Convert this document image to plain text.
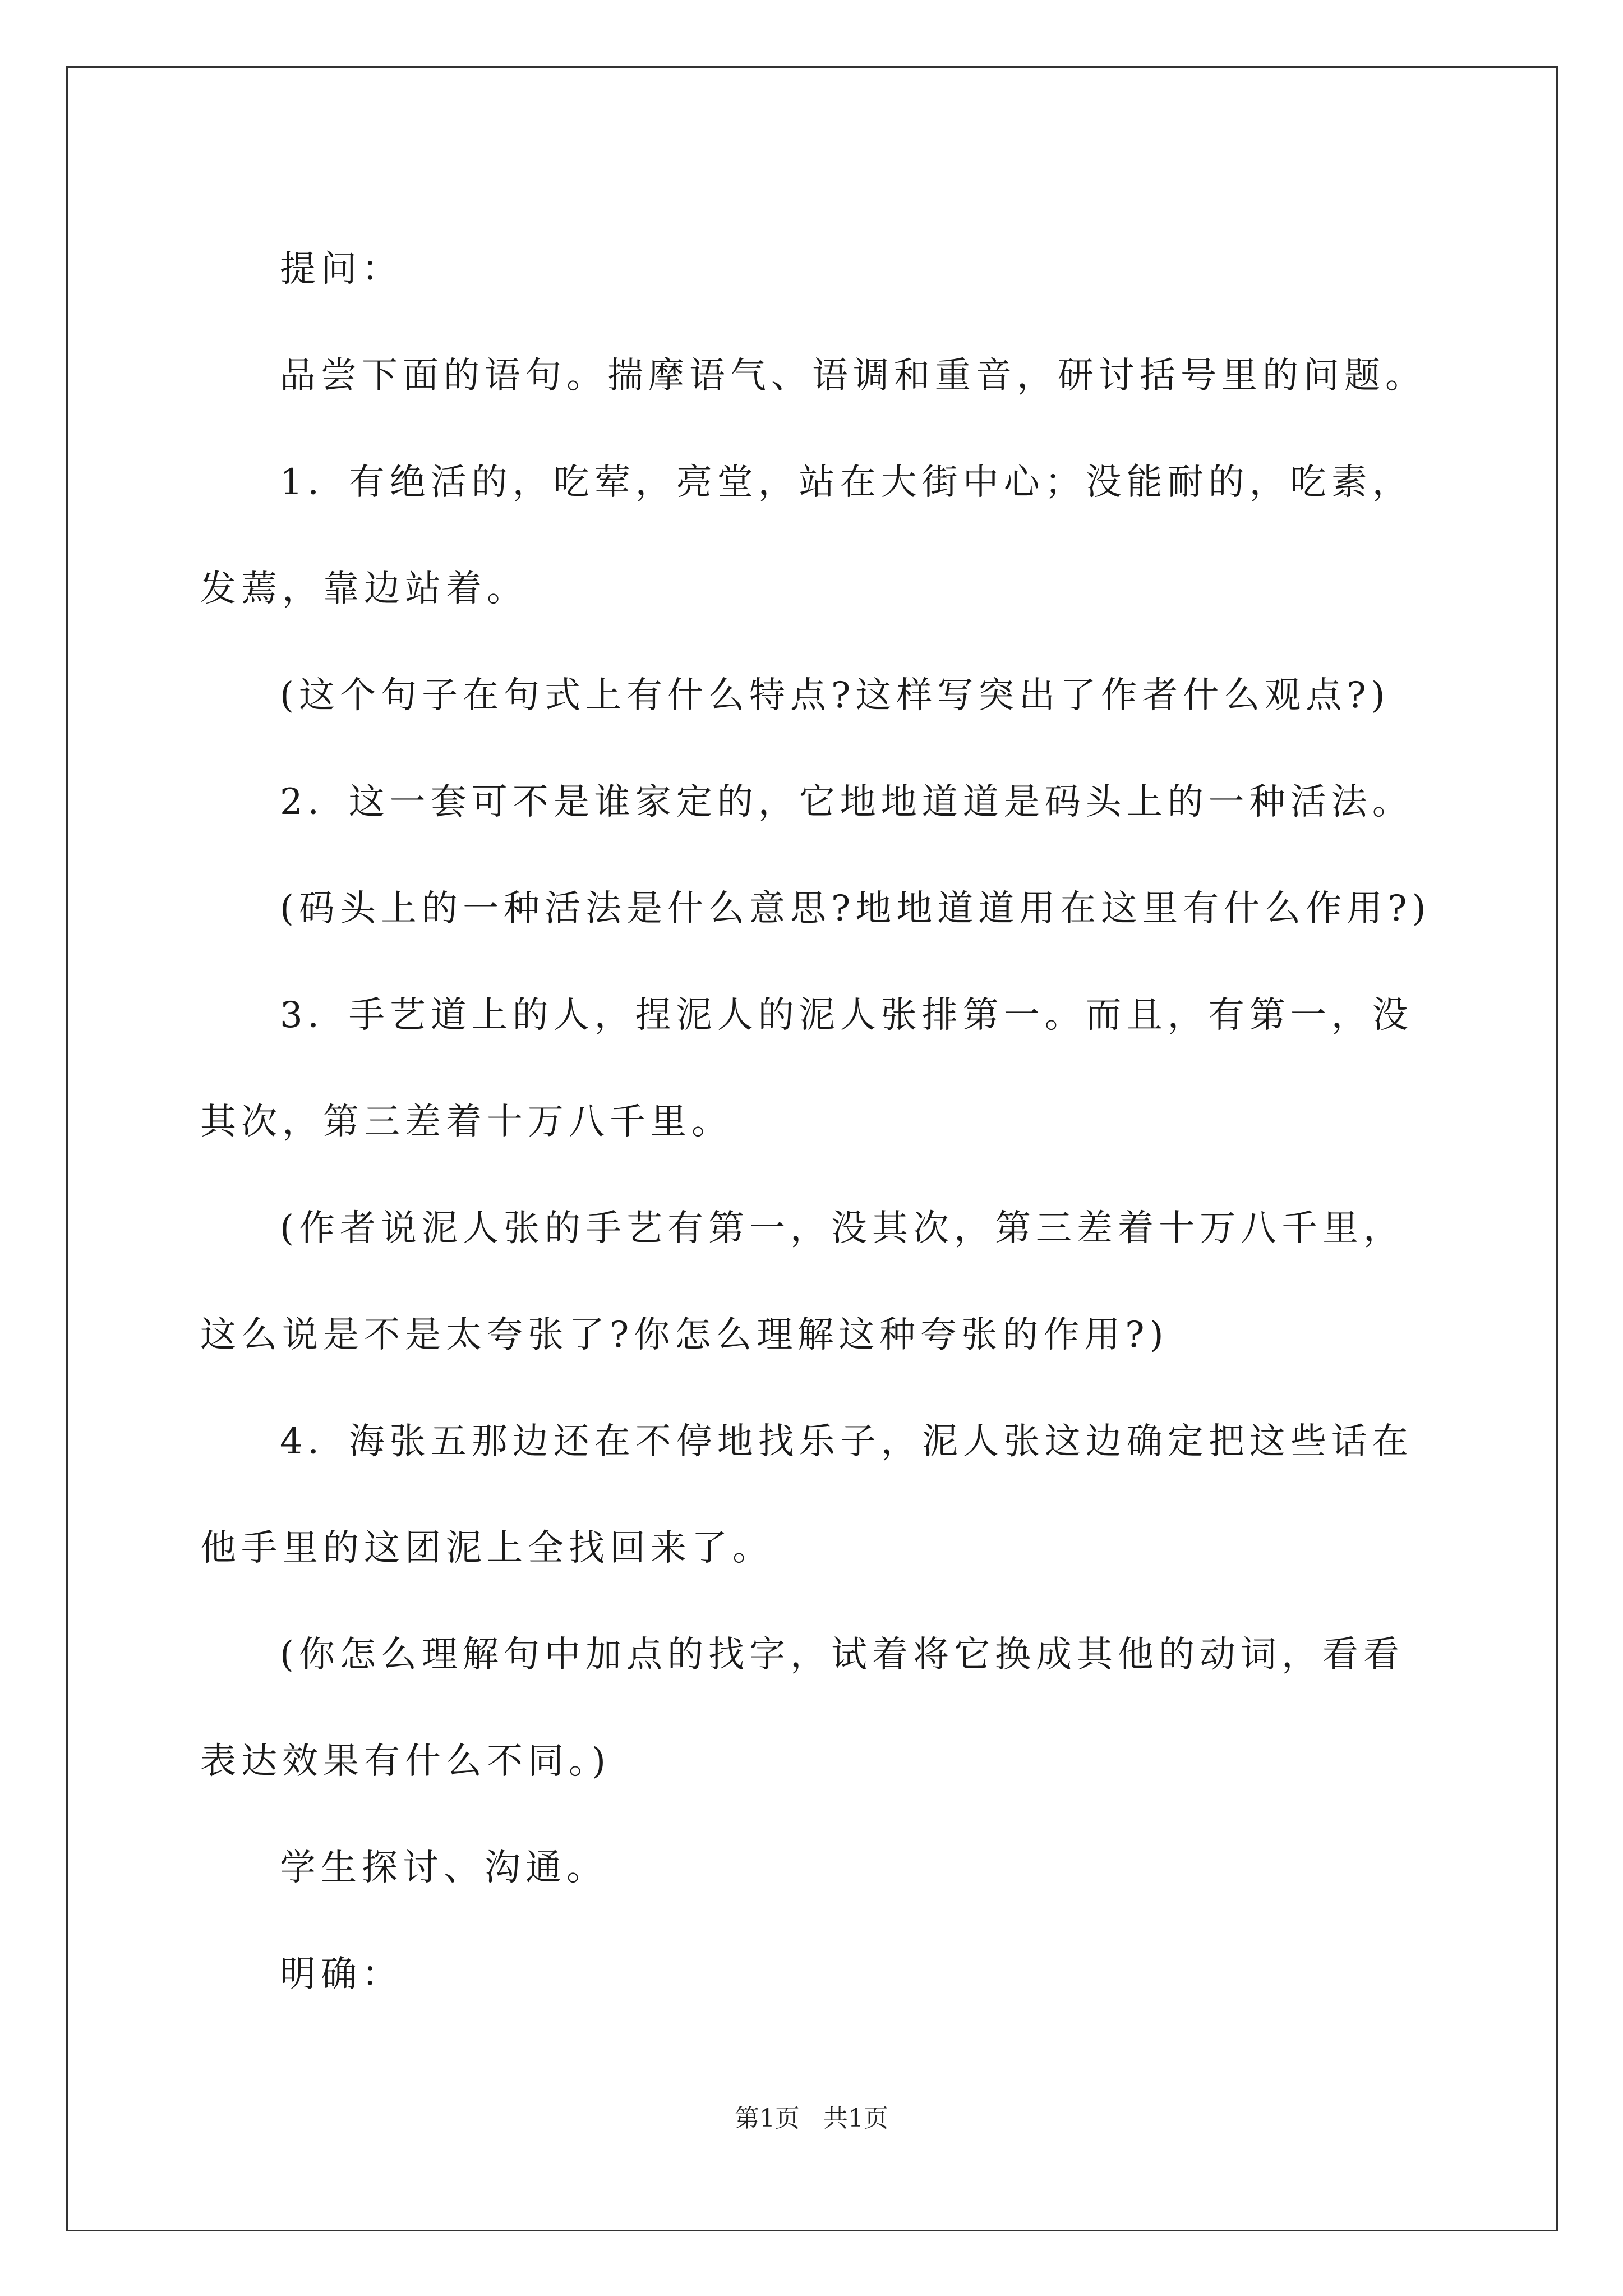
提问：

品尝下面的语句。揣摩语气、语调和重音，研讨括号里的问题。

1．有绝活的，吃荤，亮堂，站在大街中心；没能耐的，吃素，发蔫，靠边站着。

(这个句子在句式上有什么特点?这样写突出了作者什么观点?)

2．这一套可不是谁家定的，它地地道道是码头上的一种活法。

(码头上的一种活法是什么意思?地地道道用在这里有什么作用?)

3．手艺道上的人，捏泥人的泥人张排第一。而且，有第一，没其次，第三差着十万八千里。

(作者说泥人张的手艺有第一，没其次，第三差着十万八千里，这么说是不是太夸张了?你怎么理解这种夸张的作用?)

4．海张五那边还在不停地找乐子，泥人张这边确定把这些话在他手里的这团泥上全找回来了。

(你怎么理解句中加点的找字，试着将它换成其他的动词，看看表达效果有什么不同。)

学生探讨、沟通。

明确：

第1页 共1页
